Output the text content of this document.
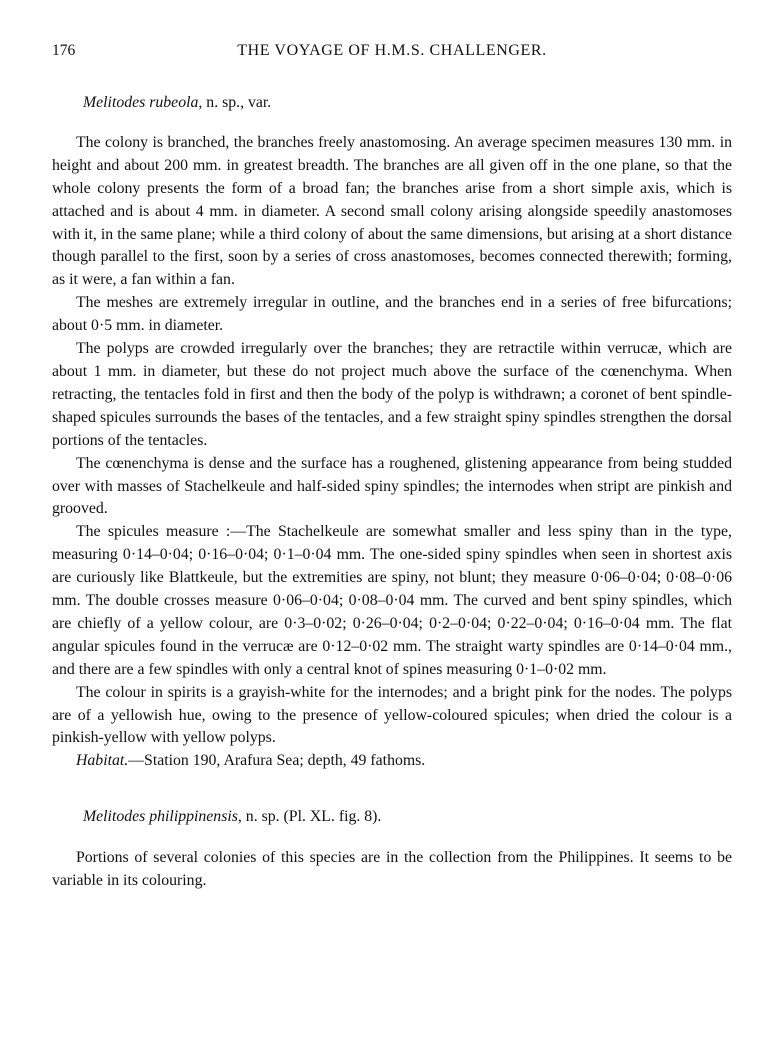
176	THE VOYAGE OF H.M.S. CHALLENGER.
Melitodes rubeola, n. sp., var.

The colony is branched, the branches freely anastomosing. An average specimen measures 130 mm. in height and about 200 mm. in greatest breadth. The branches are all given off in the one plane, so that the whole colony presents the form of a broad fan; the branches arise from a short simple axis, which is attached and is about 4 mm. in diameter. A second small colony arising alongside speedily anastomoses with it, in the same plane; while a third colony of about the same dimensions, but arising at a short distance though parallel to the first, soon by a series of cross anastomoses, becomes connected therewith; forming, as it were, a fan within a fan.

The meshes are extremely irregular in outline, and the branches end in a series of free bifurcations; about 0·5 mm. in diameter.

The polyps are crowded irregularly over the branches; they are retractile within verrucæ, which are about 1 mm. in diameter, but these do not project much above the surface of the cœnenchyma. When retracting, the tentacles fold in first and then the body of the polyp is withdrawn; a coronet of bent spindle-shaped spicules surrounds the bases of the tentacles, and a few straight spiny spindles strengthen the dorsal portions of the tentacles.

The cœnenchyma is dense and the surface has a roughened, glistening appearance from being studded over with masses of Stachelkeule and half-sided spiny spindles; the internodes when stript are pinkish and grooved.

The spicules measure :—The Stachelkeule are somewhat smaller and less spiny than in the type, measuring 0·14–0·04; 0·16–0·04; 0·1–0·04 mm. The one-sided spiny spindles when seen in shortest axis are curiously like Blattkeule, but the extremities are spiny, not blunt; they measure 0·06–0·04; 0·08–0·06 mm. The double crosses measure 0·06–0·04; 0·08–0·04 mm. The curved and bent spiny spindles, which are chiefly of a yellow colour, are 0·3–0·02; 0·26–0·04; 0·2–0·04; 0·22–0·04; 0·16–0·04 mm. The flat angular spicules found in the verrucæ are 0·12–0·02 mm. The straight warty spindles are 0·14–0·04 mm., and there are a few spindles with only a central knot of spines measuring 0·1–0·02 mm.

The colour in spirits is a grayish-white for the internodes; and a bright pink for the nodes. The polyps are of a yellowish hue, owing to the presence of yellow-coloured spicules; when dried the colour is a pinkish-yellow with yellow polyps.

Habitat.—Station 190, Arafura Sea; depth, 49 fathoms.

Melitodes philippinensis, n. sp. (Pl. XL. fig. 8).

Portions of several colonies of this species are in the collection from the Philippines. It seems to be variable in its colouring.
